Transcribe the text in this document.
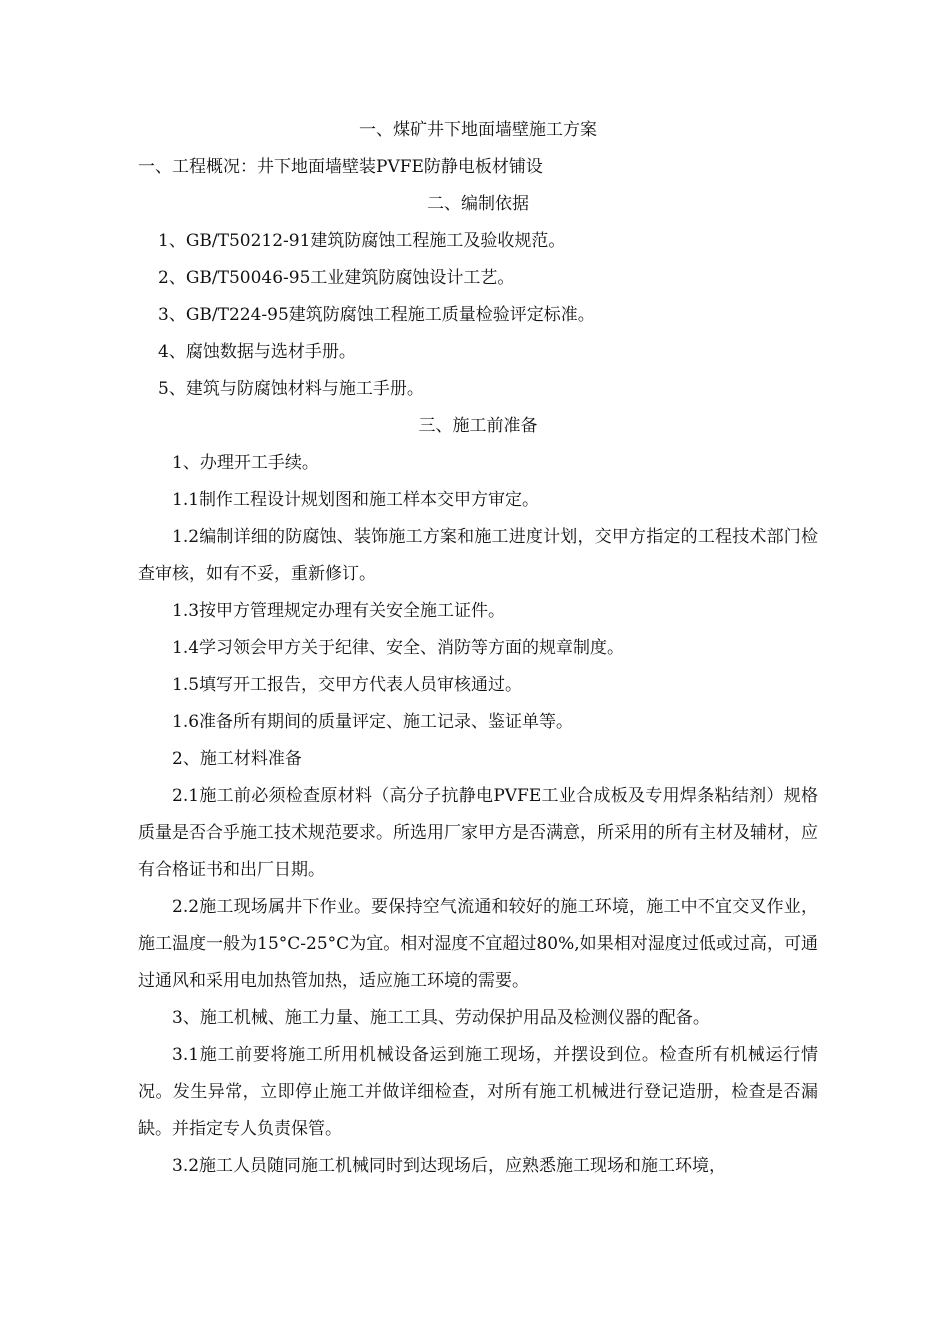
一、煤矿井下地面墙壁施工方案

一、工程概况：井下地面墙壁装PVFE防静电板材铺设

二、编制依据

1、GB/T50212-91建筑防腐蚀工程施工及验收规范。

2、GB/T50046-95工业建筑防腐蚀设计工艺。

3、GB/T224-95建筑防腐蚀工程施工质量检验评定标准。

4、腐蚀数据与选材手册。

5、建筑与防腐蚀材料与施工手册。

三、施工前准备

1、办理开工手续。

1.1制作工程设计规划图和施工样本交甲方审定。

1.2编制详细的防腐蚀、装饰施工方案和施工进度计划，交甲方指定的工程技术部门检查审核，如有不妥，重新修订。

1.3按甲方管理规定办理有关安全施工证件。

1.4学习领会甲方关于纪律、安全、消防等方面的规章制度。

1.5填写开工报告，交甲方代表人员审核通过。

1.6准备所有期间的质量评定、施工记录、鉴证单等。

2、施工材料准备

2.1施工前必须检查原材料（高分子抗静电PVFE工业合成板及专用焊条粘结剂）规格质量是否合乎施工技术规范要求。所选用厂家甲方是否满意，所采用的所有主材及辅材，应有合格证书和出厂日期。

2.2施工现场属井下作业。要保持空气流通和较好的施工环境，施工中不宜交叉作业，施工温度一般为15°C-25°C为宜。相对湿度不宜超过80%,如果相对湿度过低或过高，可通过通风和采用电加热管加热，适应施工环境的需要。

3、施工机械、施工力量、施工工具、劳动保护用品及检测仪器的配备。

3.1施工前要将施工所用机械设备运到施工现场，并摆设到位。检查所有机械运行情况。发生异常，立即停止施工并做详细检查，对所有施工机械进行登记造册，检查是否漏缺。并指定专人负责保管。

3.2施工人员随同施工机械同时到达现场后，应熟悉施工现场和施工环境，
